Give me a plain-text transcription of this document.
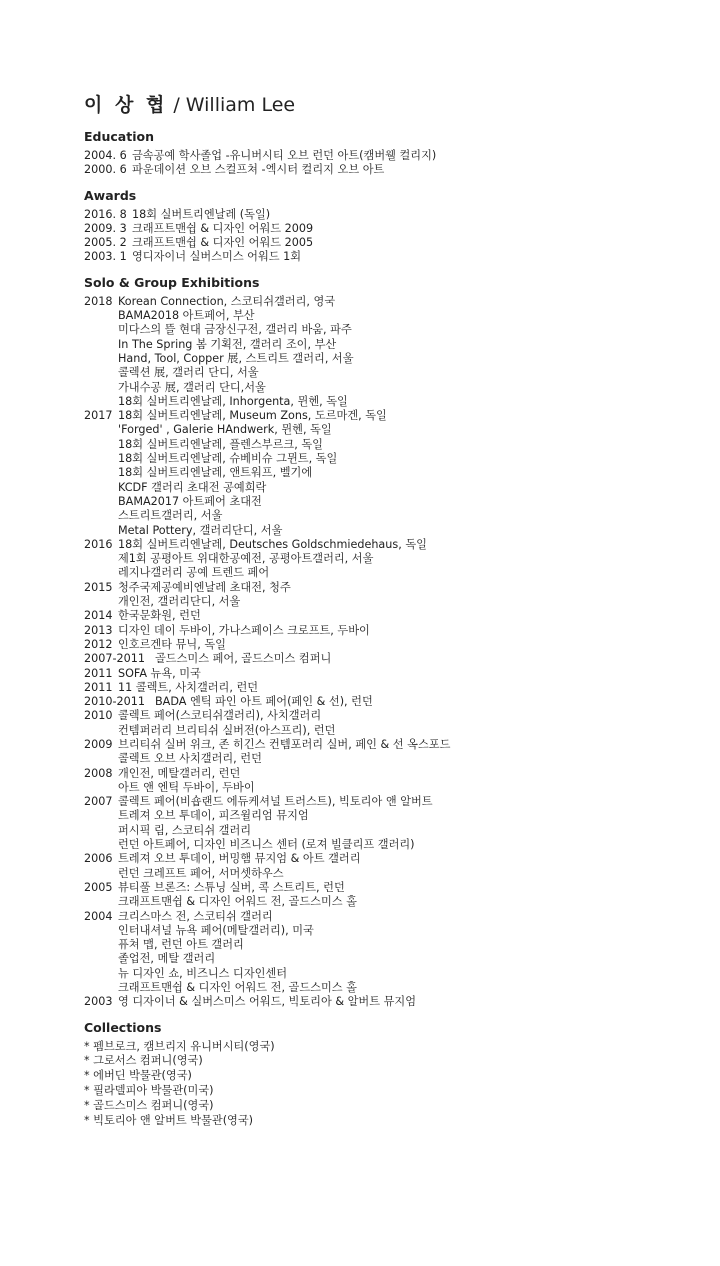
이 상 협 / William Lee
Education
2004. 6 금속공예 학사졸업 -유니버시티 오브 런던 아트(캠버웰 컬리지)
2000. 6 파운데이션 오브 스컬프쳐 -엑시터 컬리지 오브 아트
Awards
2016. 8 18회 실버트리엔날레 (독일)
2009. 3 크래프트맨쉽 & 디자인 어워드 2009
2005. 2 크래프트맨쉽 & 디자인 어워드 2005
2003. 1 영디자이너 실버스미스 어워드 1회
Solo & Group Exhibitions
2018 Korean Connection, 스코티쉬갤러리, 영국
BAMA2018 아트페어, 부산
미다스의 뜰 현대 금장신구전, 갤러리 바움, 파주
In The Spring 봄 기획전, 갤러리 조이, 부산
Hand, Tool, Copper 展, 스트리트 갤러리, 서울
콜렉션 展, 갤러리 단디, 서울
가내수공 展, 갤러리 단디,서울
18회 실버트리엔날레, Inhorgenta, 뮌헨, 독일
2017 18회 실버트리엔날레, Museum Zons, 도르마겐, 독일
'Forged' , Galerie HAndwerk, 뮌헨, 독일
18회 실버트리엔날레, 플렌스부르크, 독일
18회 실버트리엔날레, 슈베비슈 그뮌트, 독일
18회 실버트리엔날레, 앤트워프, 벨기에
KCDF 갤러리 초대전 공예희락
BAMA2017 아트페어 초대전
스트리트갤러리, 서울
Metal Pottery, 갤러리단디, 서울
2016 18회 실버트리엔날레, Deutsches Goldschmiedehaus, 독일
제1회 공평아트 위대한공예전, 공평아트갤러리, 서울
레지나갤러리 공예 트렌드 페어
2015 청주국제공예비엔날레 초대전, 청주
개인전, 갤러리단디, 서울
2014 한국문화원, 런던
2013 디자인 데이 두바이, 가나스페이스 크로프트, 두바이
2012 인호르겐타 뮤닉, 독일
2007-2011 골드스미스 페어, 골드스미스 컴퍼니
2011 SOFA 뉴욕, 미국
2011 11 콜렉트, 사치갤러리, 런던
2010-2011 BADA 엔틱 파인 아트 페어(페인 & 선), 런던
2010 콜렉트 페어(스코티쉬갤러리), 사치갤러리
컨템퍼러리 브리티쉬 실버전(아스프리), 런던
2009 브리티쉬 실버 위크, 존 히긴스 컨템포러리 실버, 페인 & 선 옥스포드
콜렉트 오브 사치갤러리, 런던
2008 개인전, 메탈갤러리, 런던
아트 앤 엔틱 두바이, 두바이
2007 콜렉트 페어(비숍랜드 에듀케셔널 트러스트), 빅토리아 앤 알버트
트레져 오브 투데이, 피즈윌리엄 뮤지엄
퍼시픽 림, 스코티쉬 갤러리
런던 아트페어, 디자인 비즈니스 센터 (로져 빌클리프 갤러리)
2006 트레져 오브 투데이, 버밍햄 뮤지엄 & 아트 갤러리
런던 크레프트 페어, 서머셋하우스
2005 뷰티풀 브론즈: 스튜닝 실버, 콕 스트리트, 런던
크래프트맨쉽 & 디자인 어워드 전, 골드스미스 홀
2004 크리스마스 전, 스코티쉬 갤러리
인터내셔널 뉴욕 페어(메탈갤러리), 미국
퓨쳐 맵, 런던 아트 갤러리
졸업전, 메탈 갤러리
뉴 디자인 쇼, 비즈니스 디자인센터
크래프트맨쉽 & 디자인 어워드 전, 골드스미스 홀
2003 영 디자이너 & 실버스미스 어워드, 빅토리아 & 알버트 뮤지엄
Collections
* 펨브로크, 캠브리지 유니버시티(영국)
* 그로서스 컴퍼니(영국)
* 에버딘 박물관(영국)
* 필라델피아 박물관(미국)
* 골드스미스 컴퍼니(영국)
* 빅토리아 앤 알버트 박물관(영국)
